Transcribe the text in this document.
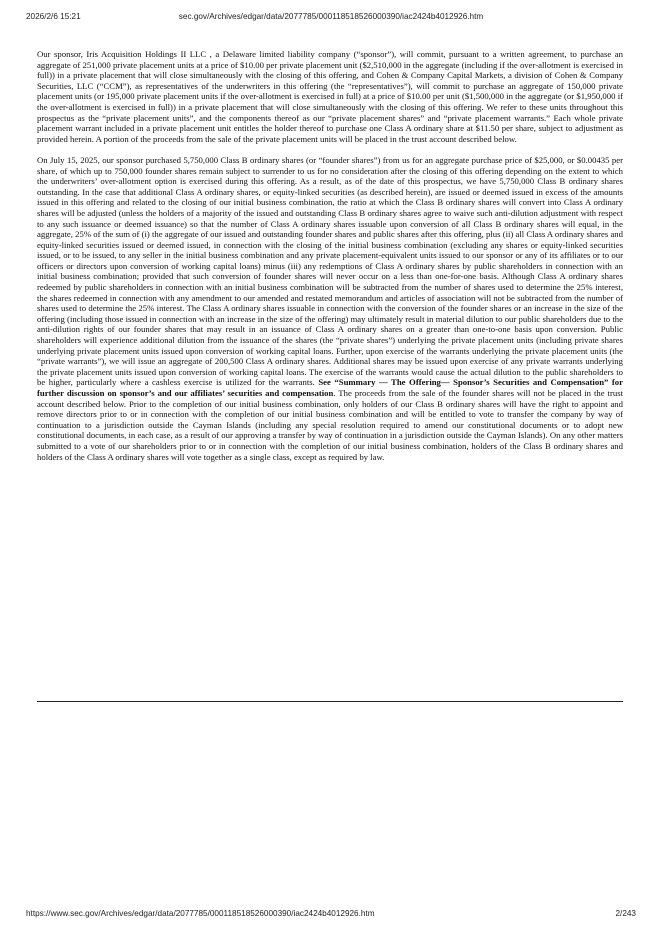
2026/2/6 15:21	sec.gov/Archives/edgar/data/2077785/000118518526000390/iac2424b4012926.htm

Our sponsor, Iris Acquisition Holdings II LLC , a Delaware limited liability company (“sponsor”), will commit, pursuant to a written agreement, to purchase an aggregate of 251,000 private placement units at a price of $10.00 per private placement unit ($2,510,000 in the aggregate (including if the over-allotment is exercised in full)) in a private placement that will close simultaneously with the closing of this offering, and Cohen & Company Capital Markets, a division of Cohen & Company Securities, LLC (“CCM”), as representatives of the underwriters in this offering (the “representatives”), will commit to purchase an aggregate of 150,000 private placement units (or 195,000 private placement units if the over-allotment is exercised in full) at a price of $10.00 per unit ($1,500,000 in the aggregate (or $1,950,000 if the over-allotment is exercised in full)) in a private placement that will close simultaneously with the closing of this offering. We refer to these units throughout this prospectus as the “private placement units”, and the components thereof as our “private placement shares” and “private placement warrants.” Each whole private placement warrant included in a private placement unit entitles the holder thereof to purchase one Class A ordinary share at $11.50 per share, subject to adjustment as provided herein. A portion of the proceeds from the sale of the private placement units will be placed in the trust account described below.

On July 15, 2025, our sponsor purchased 5,750,000 Class B ordinary shares (or “founder shares”) from us for an aggregate purchase price of $25,000, or $0.00435 per share, of which up to 750,000 founder shares remain subject to surrender to us for no consideration after the closing of this offering depending on the extent to which the underwriters’ over-allotment option is exercised during this offering. As a result, as of the date of this prospectus, we have 5,750,000 Class B ordinary shares outstanding. In the case that additional Class A ordinary shares, or equity-linked securities (as described herein), are issued or deemed issued in excess of the amounts issued in this offering and related to the closing of our initial business combination, the ratio at which the Class B ordinary shares will convert into Class A ordinary shares will be adjusted (unless the holders of a majority of the issued and outstanding Class B ordinary shares agree to waive such anti-dilution adjustment with respect to any such issuance or deemed issuance) so that the number of Class A ordinary shares issuable upon conversion of all Class B ordinary shares will equal, in the aggregate, 25% of the sum of (i) the aggregate of our issued and outstanding founder shares and public shares after this offering, plus (ii) all Class A ordinary shares and equity-linked securities issued or deemed issued, in connection with the closing of the initial business combination (excluding any shares or equity-linked securities issued, or to be issued, to any seller in the initial business combination and any private placement-equivalent units issued to our sponsor or any of its affiliates or to our officers or directors upon conversion of working capital loans) minus (iii) any redemptions of Class A ordinary shares by public shareholders in connection with an initial business combination; provided that such conversion of founder shares will never occur on a less than one-for-one basis. Although Class A ordinary shares redeemed by public shareholders in connection with an initial business combination will be subtracted from the number of shares used to determine the 25% interest, the shares redeemed in connection with any amendment to our amended and restated memorandum and articles of association will not be subtracted from the number of shares used to determine the 25% interest. The Class A ordinary shares issuable in connection with the conversion of the founder shares or an increase in the size of the offering (including those issued in connection with an increase in the size of the offering) may ultimately result in material dilution to our public shareholders due to the anti-dilution rights of our founder shares that may result in an issuance of Class A ordinary shares on a greater than one-to-one basis upon conversion. Public shareholders will experience additional dilution from the issuance of the shares (the “private shares”) underlying the private placement units (including private shares underlying private placement units issued upon conversion of working capital loans. Further, upon exercise of the warrants underlying the private placement units (the “private warrants”), we will issue an aggregate of 200,500 Class A ordinary shares. Additional shares may be issued upon exercise of any private warrants underlying the private placement units issued upon conversion of working capital loans. The exercise of the warrants would cause the actual dilution to the public shareholders to be higher, particularly where a cashless exercise is utilized for the warrants. See “Summary — The Offering— Sponsor’s Securities and Compensation” for further discussion on sponsor’s and our affiliates’ securities and compensation. The proceeds from the sale of the founder shares will not be placed in the trust account described below. Prior to the completion of our initial business combination, only holders of our Class B ordinary shares will have the right to appoint and remove directors prior to or in connection with the completion of our initial business combination and will be entitled to vote to transfer the company by way of continuation to a jurisdiction outside the Cayman Islands (including any special resolution required to amend our constitutional documents or to adopt new constitutional documents, in each case, as a result of our approving a transfer by way of continuation in a jurisdiction outside the Cayman Islands). On any other matters submitted to a vote of our shareholders prior to or in connection with the completion of our initial business combination, holders of the Class B ordinary shares and holders of the Class A ordinary shares will vote together as a single class, except as required by law.

https://www.sec.gov/Archives/edgar/data/2077785/000118518526000390/iac2424b4012926.htm	2/243
